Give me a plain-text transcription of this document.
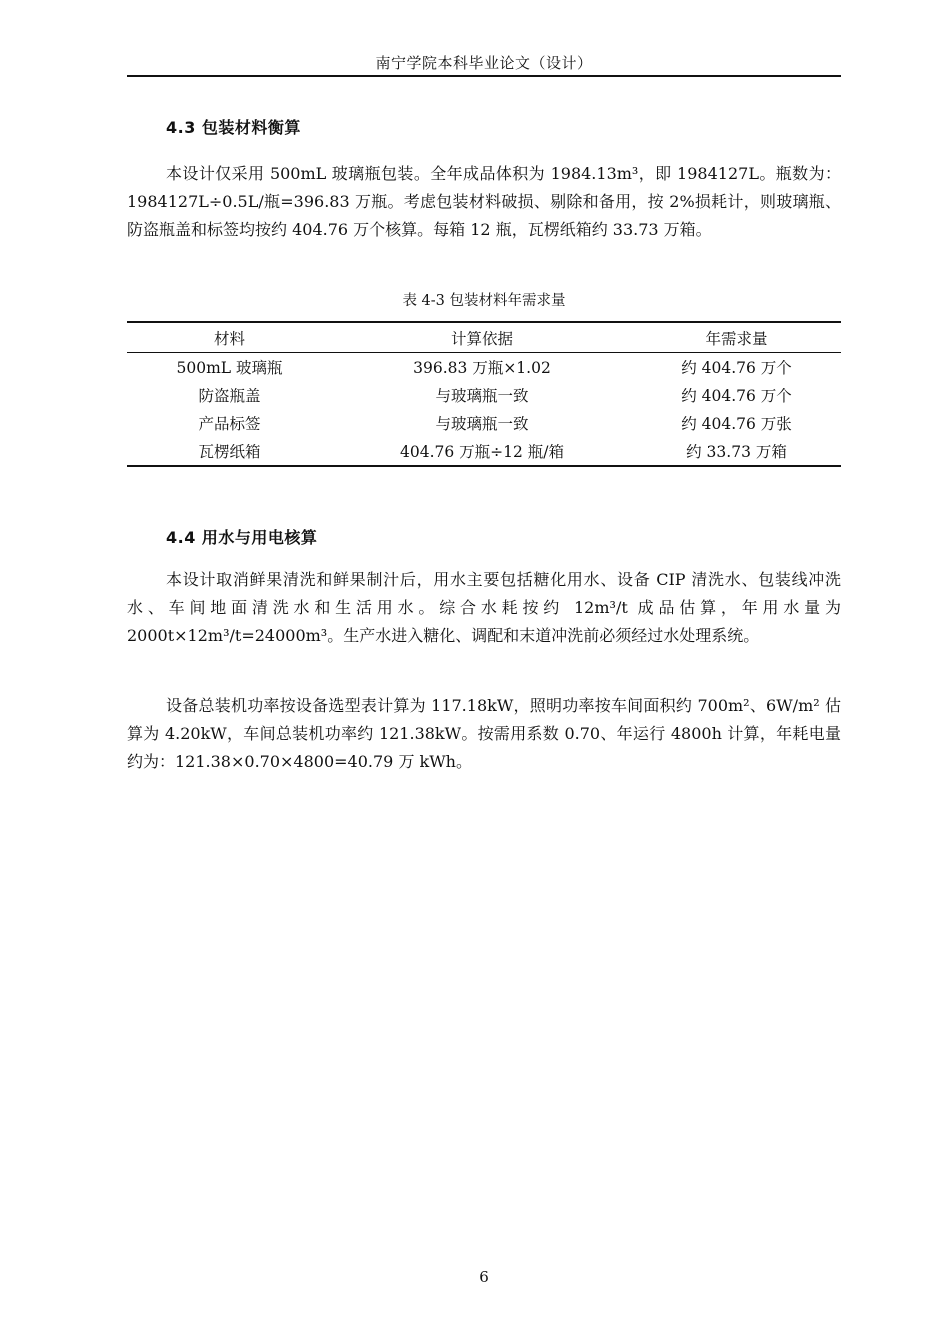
南宁学院本科毕业论文（设计）
4.3 包装材料衡算

本设计仅采用 500mL 玻璃瓶包装。全年成品体积为 1984.13m³，即 1984127L。瓶数为：1984127L÷0.5L/瓶=396.83 万瓶。考虑包装材料破损、剔除和备用，按 2%损耗计，则玻璃瓶、防盗瓶盖和标签均按约 404.76 万个核算。每箱 12 瓶，瓦楞纸箱约 33.73 万箱。

表 4-3 包装材料年需求量
材料	计算依据	年需求量
500mL 玻璃瓶	396.83 万瓶×1.02	约 404.76 万个
防盗瓶盖	与玻璃瓶一致	约 404.76 万个
产品标签	与玻璃瓶一致	约 404.76 万张
瓦楞纸箱	404.76 万瓶÷12 瓶/箱	约 33.73 万箱
4.4 用水与用电核算

本设计取消鲜果清洗和鲜果制汁后，用水主要包括糖化用水、设备 CIP 清洗水、包装线冲洗水、车间地面清洗水和生活用水。综合水耗按约 12m³/t 成品估算，年用水量为 2000t×12m³/t=24000m³。生产水进入糖化、调配和末道冲洗前必须经过水处理系统。

设备总装机功率按设备选型表计算为 117.18kW，照明功率按车间面积约 700m²、6W/m² 估算为 4.20kW，车间总装机功率约 121.38kW。按需用系数 0.70、年运行 4800h 计算，年耗电量约为：121.38×0.70×4800=40.79 万 kWh。

6
